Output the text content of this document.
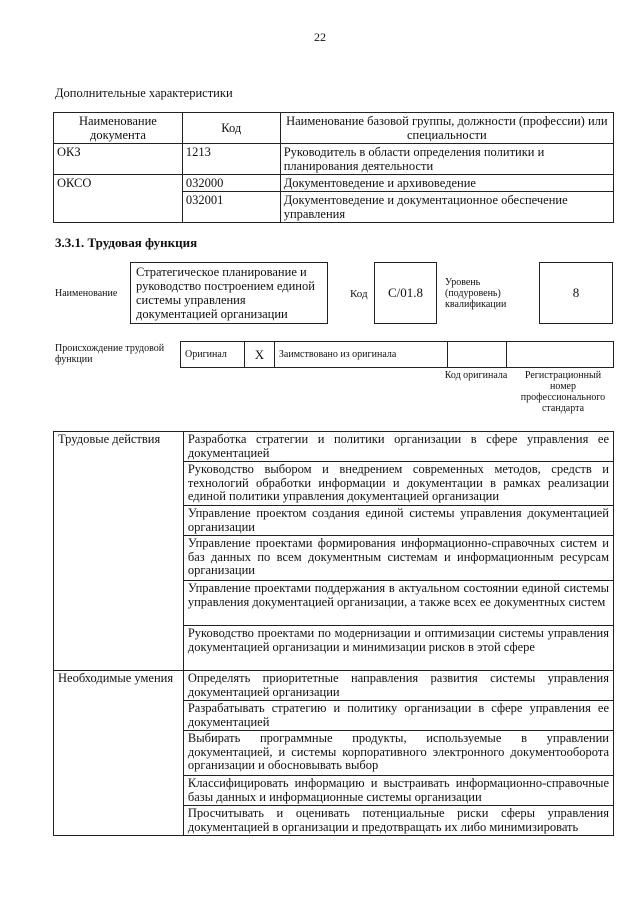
22
Дополнительные характеристики
Наименование документа	Код	Наименование базовой группы, должности (профессии) или специальности
ОКЗ	1213	Руководитель в области определения политики и планирования деятельности
ОКСО	032000	Документоведение и архивоведение
	032001	Документоведение и документационное обеспечение управления
3.3.1. Трудовая функция
Наименование
Стратегическое планирование и руководство построением единой системы управления документацией организации
Код	C/01.8
Уровень (подуровень) квалификации
8
Происхождение трудовой функции	Оригинал	X	Заимствовано из оригинала		
Код оригинала	Регистрационный номер профессионального стандарта
Трудовые действия	Разработка стратегии и политики организации в сфере управления ее документацией
	Руководство выбором и внедрением современных методов, средств и технологий обработки информации и документации в рамках реализации единой политики управления документацией организации
	Управление проектом создания единой системы управления документацией организации
	Управление проектами формирования информационно-справочных систем и баз данных по всем документным системам и информационным ресурсам организации
	Управление проектами поддержания в актуальном состоянии единой системы управления документацией организации, а также всех ее документных систем
	Руководство проектами по модернизации и оптимизации системы управления документацией организации и минимизации рисков в этой сфере
Необходимые умения	Определять приоритетные направления развития системы управления документацией организации
	Разрабатывать стратегию и политику организации в сфере управления ее документацией
	Выбирать программные продукты, используемые в управлении документацией, и системы корпоративного электронного документооборота организации и обосновывать выбор
	Классифицировать информацию и выстраивать информационно-справочные базы данных и информационные системы организации
	Просчитывать и оценивать потенциальные риски сферы управления документацией в организации и предотвращать их либо минимизировать
